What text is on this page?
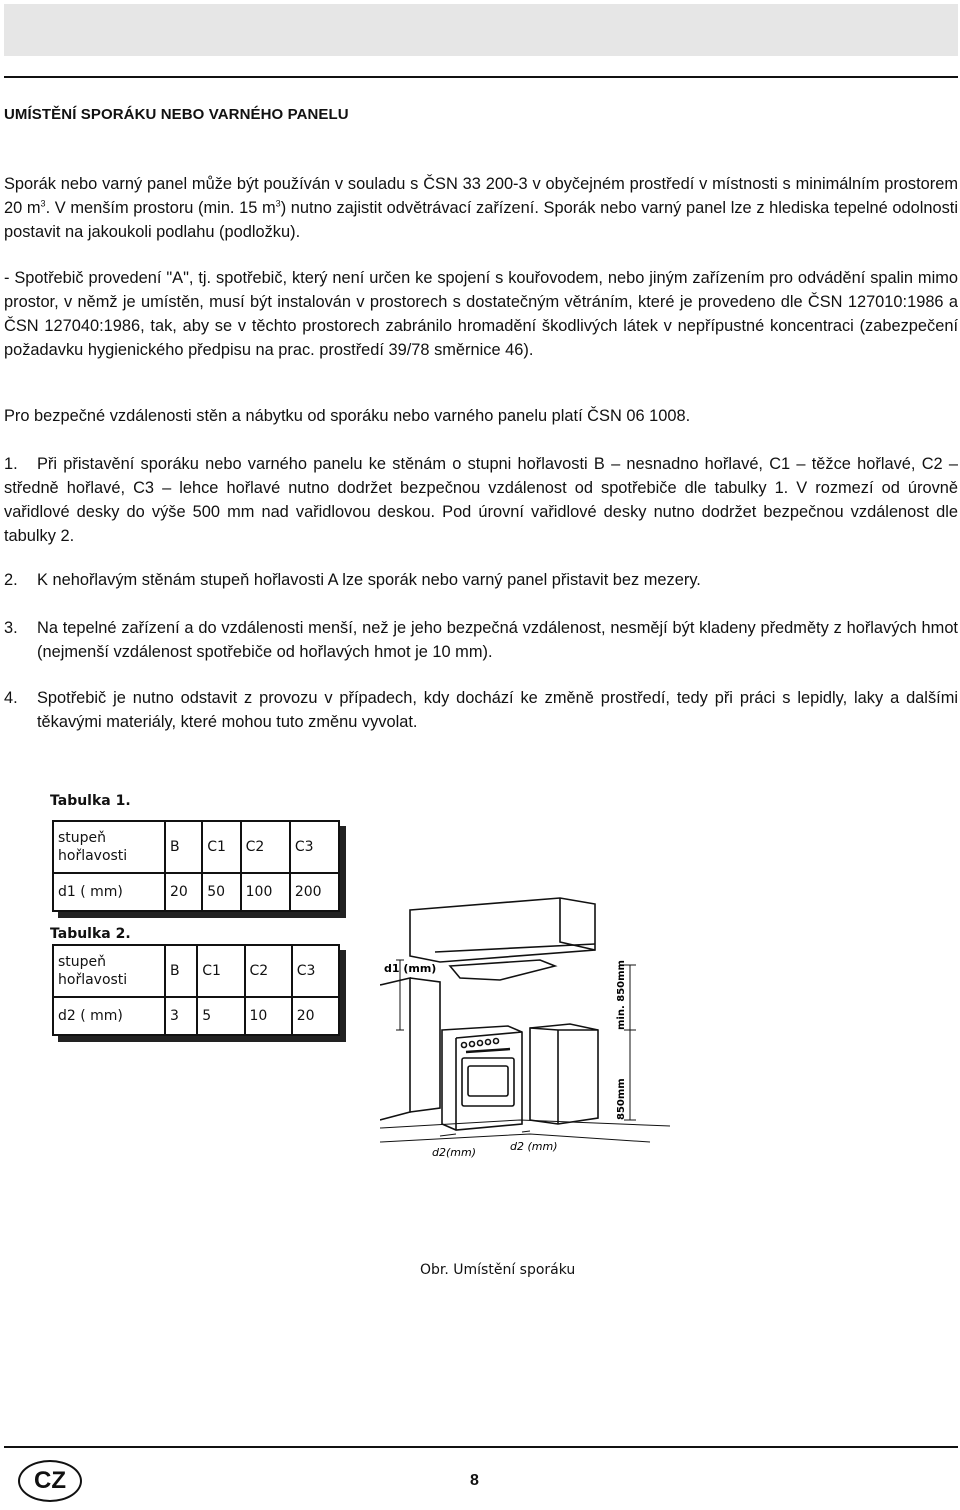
UMÍSTĚNÍ SPORÁKU NEBO VARNÉHO PANELU

Sporák nebo varný panel může být používán v souladu s ČSN 33 200-3 v obyčejném prostředí v místnosti s minimálním prostorem 20 $m^3$. V menším prostoru (min. 15 $m^3$) nutno zajistit odvětrávací zařízení. Sporák nebo varný panel lze z hlediska tepelné odolnosti postavit na jakoukoli podlahu (podložku).

- Spotřebič provedení "A", tj. spotřebič, který není určen ke spojení s kouřovodem, nebo jiným zařízením pro odvádění spalin mimo prostor, v němž je umístěn, musí být instalován v prostorech s dostatečným větráním, které je provedeno dle ČSN 127010:1986 a ČSN 127040:1986, tak, aby se v těchto prostorech zabránilo hromadění škodlivých látek v nepřípustné koncentraci (zabezpečení požadavku hygienického předpisu na prac. prostředí 39/78 směrnice 46).
Pro bezpečné vzdálenosti stěn a nábytku od sporáku nebo varného panelu platí ČSN 06 1008.
1.	Při přistavění sporáku nebo varného panelu ke stěnám o stupni hořlavosti B – nesnadno hořlavé, C1 – těžce hořlavé, C2 – středně hořlavé, C3 – lehce hořlavé nutno dodržet bezpečnou vzdálenost od spotřebiče dle tabulky 1. V rozmezí od úrovně vařidlové desky do výše 500 mm nad vařidlovou deskou. Pod úrovní vařidlové desky nutno dodržet bezpečnou vzdálenost dle tabulky 2.
2. K nehořlavým stěnám stupeň hořlavosti A lze sporák nebo varný panel přistavit bez mezery.
3. Na tepelné zařízení a do vzdálenosti menší, než je jeho bezpečná vzdálenost, nesmějí být kladeny předměty z hořlavých hmot (nejmenší vzdálenost spotřebiče od hořlavých hmot je 10 mm).
4. Spotřebič je nutno odstavit z provozu v případech, kdy dochází ke změně prostředí, tedy při práci s lepidly, laky a dalšími těkavými materiály, které mohou tuto změnu vyvolat.
Tabulka 1.
stupeň hořlavosti	B	C1	C2	C3
d1 ( mm)	20	50	100	200
Tabulka 2.
stupeň hořlavosti	B	C1	C2	C3
d2 ( mm)	3	5	10	20
d1 (mm)
d2(mm)	d2 (mm)
min. 850mm
850mm
Obr. Umístění sporáku
CZ	8
